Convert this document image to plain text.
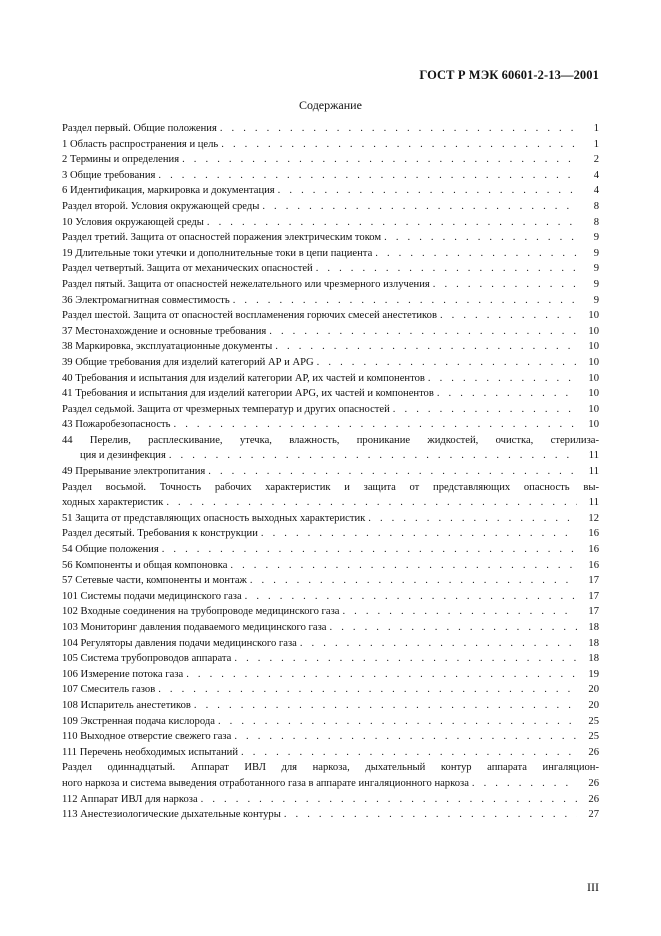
ГОСТ Р МЭК 60601-2-13—2001
Содержание
Раздел первый. Общие положения . . .	1
1 Область распространения и цель . . .	1
2 Термины и определения . . .	2
3 Общие требования . . .	4
6 Идентификация, маркировка и документация . . .	4
Раздел второй. Условия окружающей среды . . .	8
10 Условия окружающей среды . . .	8
Раздел третий. Защита от опасностей поражения электрическим током . . .	9
19 Длительные токи утечки и дополнительные токи в цепи пациента . . .	9
Раздел четвертый. Защита от механических опасностей . . .	9
Раздел пятый. Защита от опасностей нежелательного или чрезмерного излучения . . .	9
36 Электромагнитная совместимость . . .	9
Раздел шестой. Защита от опасностей воспламенения горючих смесей анестетиков . . .	10
37 Местонахождение и основные требования . . .	10
38 Маркировка, эксплуатационные документы . . .	10
39 Общие требования для изделий категорий АР и APG . . .	10
40 Требования и испытания для изделий категории АР, их частей и компонентов . . .	10
41 Требования и испытания для изделий категории APG, их частей и компонентов . . .	10
Раздел седьмой. Защита от чрезмерных температур и других опасностей . . .	10
43 Пожаробезопасность . . .	10
44 Перелив, расплескивание, утечка, влажность, проникание жидкостей, очистка, стерилиза-
ция и дезинфекция . . .	11
49 Прерывание электропитания . . .	11
Раздел восьмой. Точность рабочих характеристик и защита от представляющих опасность вы-
ходных характеристик . . .	11
51 Защита от представляющих опасность выходных характеристик . . .	12
Раздел десятый. Требования к конструкции . . .	16
54 Общие положения . . .	16
56 Компоненты и общая компоновка . . .	16
57 Сетевые части, компоненты и монтаж . . .	17
101 Системы подачи медицинского газа . . .	17
102 Входные соединения на трубопроводе медицинского газа . . .	17
103 Мониторинг давления подаваемого медицинского газа . . .	18
104 Регуляторы давления подачи медицинского газа . . .	18
105 Система трубопроводов аппарата . . .	18
106 Измерение потока газа . . .	19
107 Смеситель газов . . .	20
108 Испаритель анестетиков . . .	20
109 Экстренная подача кислорода . . .	25
110 Выходное отверстие свежего газа . . .	25
111 Перечень необходимых испытаний . . .	26
Раздел одиннадцатый. Аппарат ИВЛ для наркоза, дыхательный контур аппарата ингаляцион-
ного наркоза и система выведения отработанного газа в аппарате ингаляционного наркоза . . .	26
112 Аппарат ИВЛ для наркоза . . .	26
113 Анестезиологические дыхательные контуры . . .	27
III
